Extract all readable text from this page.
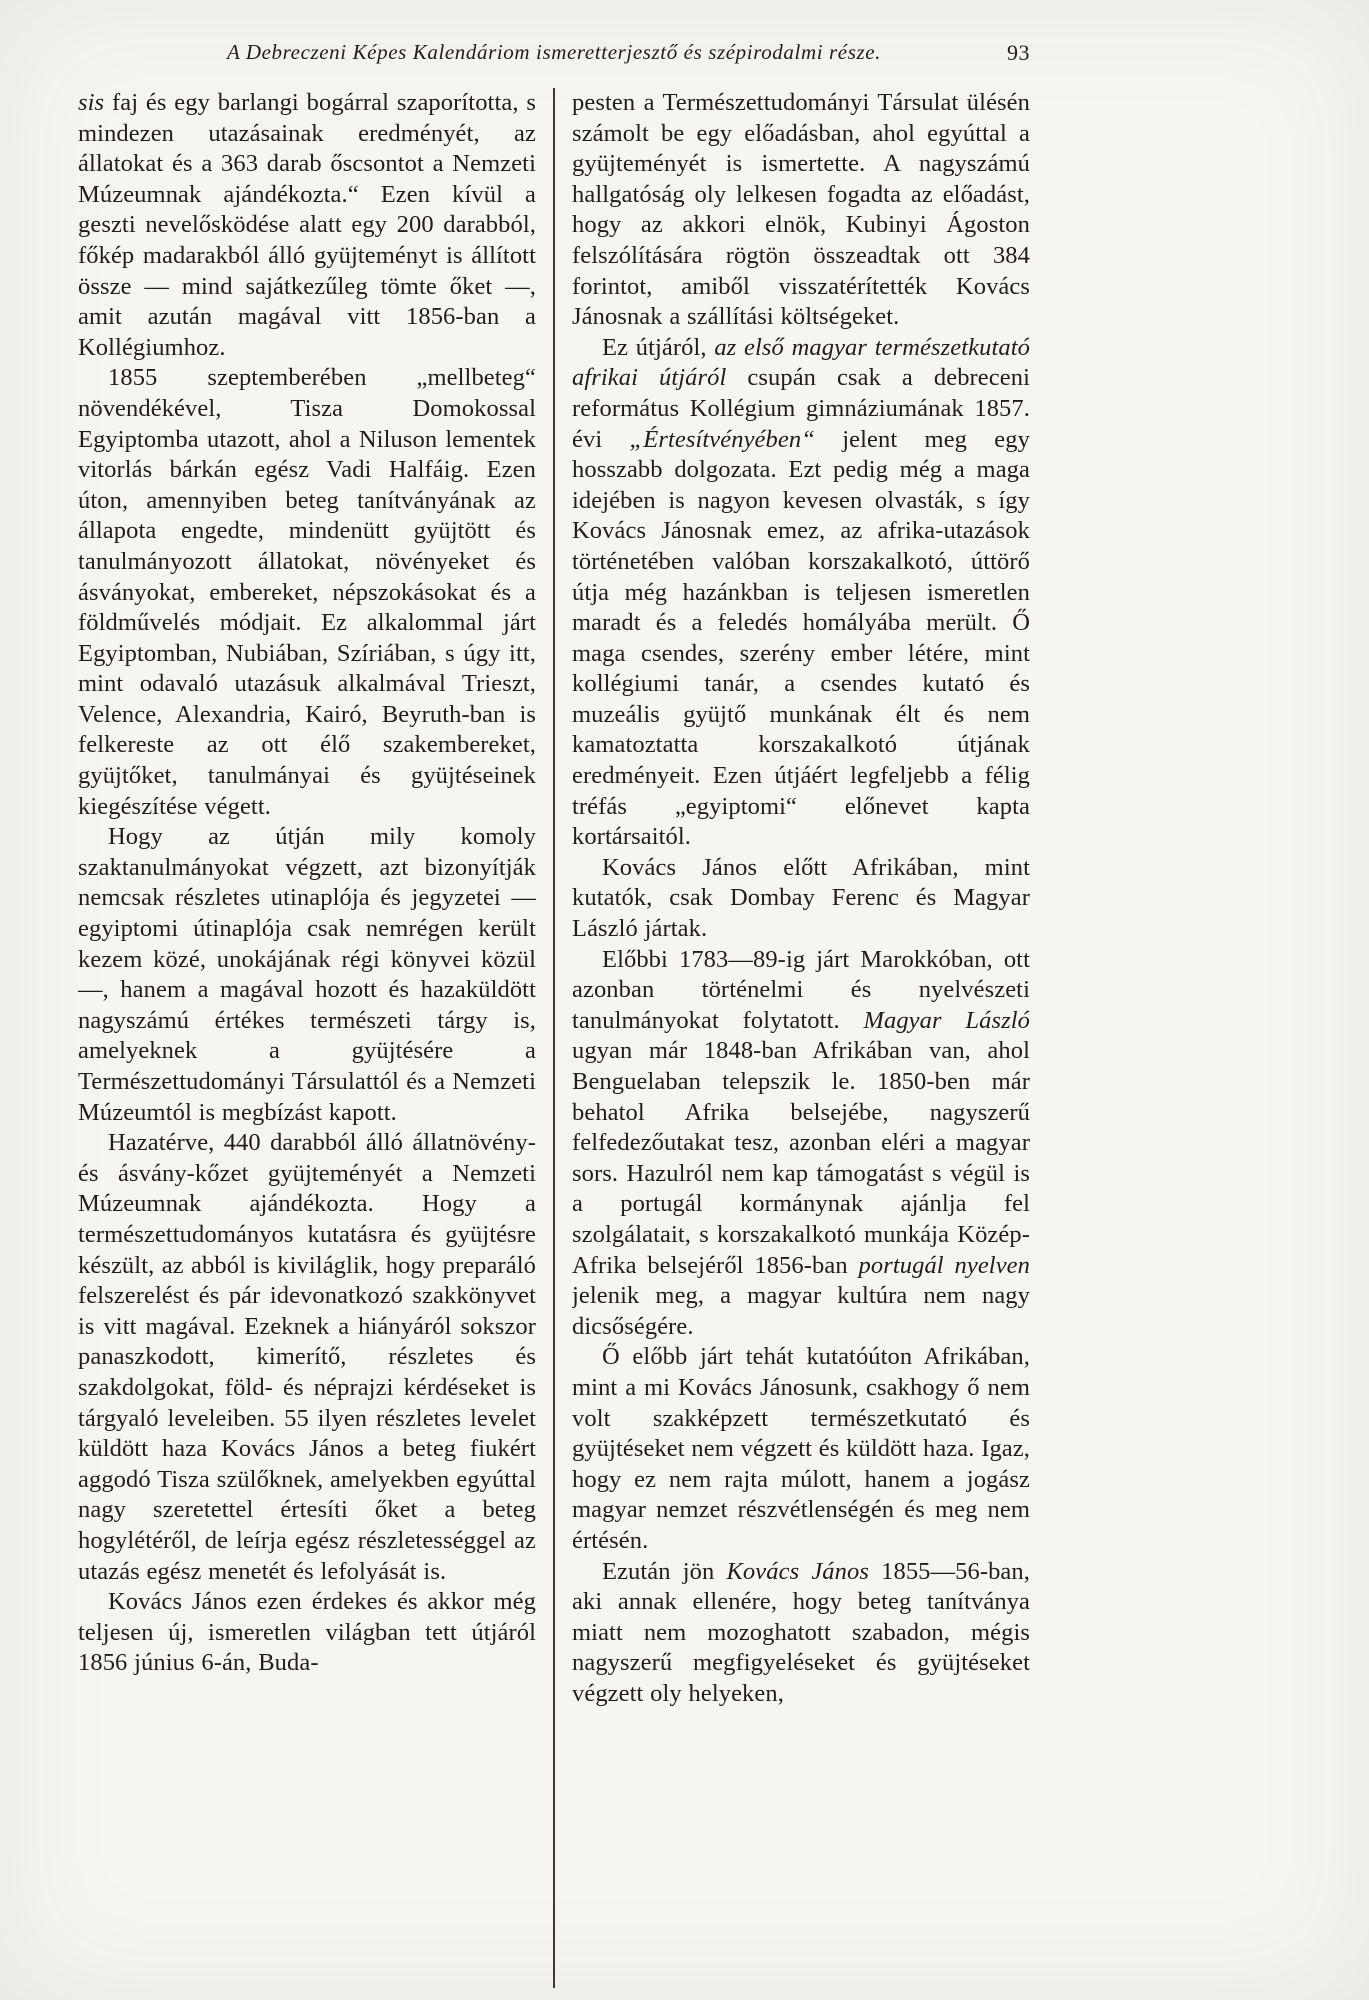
A Debreczeni Képes Kalendáriom ismeretterjesztő és szépirodalmi része.	93

sis faj és egy barlangi bogárral szaporította, s mindezen utazásainak eredményét, az állatokat és a 363 darab őscsontot a Nemzeti Múzeumnak ajándékozta.“ Ezen kívül a geszti nevelősködése alatt egy 200 darabból, főkép madarakból álló gyüjteményt is állított össze — mind sajátkezűleg tömte őket —, amit azután magával vitt 1856-ban a Kollégiumhoz.

1855 szeptemberében „mellbeteg“ növendékével, Tisza Domokossal Egyiptomba utazott, ahol a Niluson lementek vitorlás bárkán egész Vadi Halfáig. Ezen úton, amennyiben beteg tanítványának az állapota engedte, mindenütt gyüjtött és tanulmányozott állatokat, növényeket és ásványokat, embereket, népszokásokat és a földművelés módjait. Ez alkalommal járt Egyiptomban, Nubiában, Szíriában, s úgy itt, mint odavaló utazásuk alkalmával Trieszt, Velence, Alexandria, Kairó, Beyruth-ban is felkereste az ott élő szakembereket, gyüjtőket, tanulmányai és gyüjtéseinek kiegészítése végett.

Hogy az útján mily komoly szaktanulmányokat végzett, azt bizonyítják nemcsak részletes utinaplója és jegyzetei — egyiptomi útinaplója csak nemrégen került kezem közé, unokájának régi könyvei közül —, hanem a magával hozott és hazaküldött nagyszámú értékes természeti tárgy is, amelyeknek a gyüjtésére a Természettudományi Társulattól és a Nemzeti Múzeumtól is megbízást kapott.

Hazatérve, 440 darabból álló állatnövény- és ásvány-kőzet gyüjteményét a Nemzeti Múzeumnak ajándékozta. Hogy a természettudományos kutatásra és gyüjtésre készült, az abból is kiviláglik, hogy preparáló felszerelést és pár idevonatkozó szakkönyvet is vitt magával. Ezeknek a hiányáról sokszor panaszkodott, kimerítő, részletes és szakdolgokat, föld- és néprajzi kérdéseket is tárgyaló leveleiben. 55 ilyen részletes levelet küldött haza Kovács János a beteg fiukért aggodó Tisza szülőknek, amelyekben egyúttal nagy szeretettel értesíti őket a beteg hogylétéről, de leírja egész részletességgel az utazás egész menetét és lefolyását is.

Kovács János ezen érdekes és akkor még teljesen új, ismeretlen világban tett útjáról 1856 június 6-án, Buda-

pesten a Természettudományi Társulat ülésén számolt be egy előadásban, ahol egyúttal a gyüjteményét is ismertette. A nagyszámú hallgatóság oly lelkesen fogadta az előadást, hogy az akkori elnök, Kubinyi Ágoston felszólítására rögtön összeadtak ott 384 forintot, amiből visszatérítették Kovács Jánosnak a szállítási költségeket.

Ez útjáról, az első magyar természetkutató afrikai útjáról csupán csak a debreceni református Kollégium gimnáziumának 1857. évi „Értesítvényében“ jelent meg egy hosszabb dolgozata. Ezt pedig még a maga idejében is nagyon kevesen olvasták, s így Kovács Jánosnak emez, az afrika-utazások történetében valóban korszakalkotó, úttörő útja még hazánkban is teljesen ismeretlen maradt és a feledés homályába merült. Ő maga csendes, szerény ember létére, mint kollégiumi tanár, a csendes kutató és muzeális gyüjtő munkának élt és nem kamatoztatta korszakalkotó útjának eredményeit. Ezen útjáért legfeljebb a félig tréfás „egyiptomi“ előnevet kapta kortársaitól.

Kovács János előtt Afrikában, mint kutatók, csak Dombay Ferenc és Magyar László jártak.

Előbbi 1783—89-ig járt Marokkóban, ott azonban történelmi és nyelvészeti tanulmányokat folytatott. Magyar László ugyan már 1848-ban Afrikában van, ahol Benguelaban telepszik le. 1850-ben már behatol Afrika belsejébe, nagyszerű felfedezőutakat tesz, azonban eléri a magyar sors. Hazulról nem kap támogatást s végül is a portugál kormánynak ajánlja fel szolgálatait, s korszakalkotó munkája Közép-Afrika belsejéről 1856-ban portugál nyelven jelenik meg, a magyar kultúra nem nagy dicsőségére.

Ő előbb járt tehát kutatóúton Afrikában, mint a mi Kovács Jánosunk, csakhogy ő nem volt szakképzett természetkutató és gyüjtéseket nem végzett és küldött haza. Igaz, hogy ez nem rajta múlott, hanem a jogász magyar nemzet részvétlenségén és meg nem értésén.

Ezután jön Kovács János 1855—56-ban, aki annak ellenére, hogy beteg tanítványa miatt nem mozoghatott szabadon, mégis nagyszerű megfigyeléseket és gyüjtéseket végzett oly helyeken,
